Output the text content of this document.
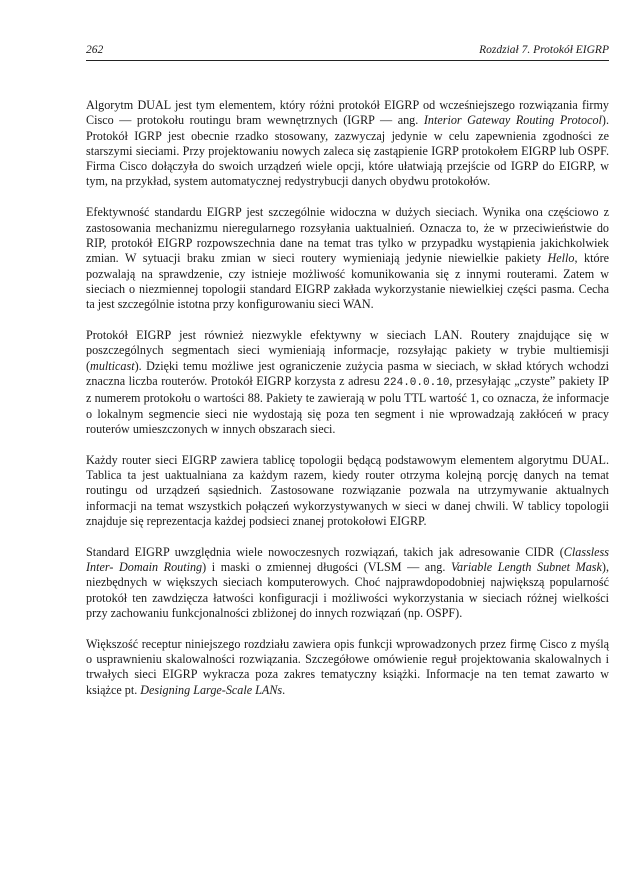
262	Rozdział 7. Protokół EIGRP

Algorytm DUAL jest tym elementem, który różni protokół EIGRP od wcześniejszego rozwiązania firmy Cisco — protokołu routingu bram wewnętrznych (IGRP — ang. Interior Gateway Routing Protocol). Protokół IGRP jest obecnie rzadko stosowany, zazwyczaj jedynie w celu zapewnienia zgodności ze starszymi sieciami. Przy projektowaniu nowych zaleca się zastąpienie IGRP protokołem EIGRP lub OSPF. Firma Cisco dołączyła do swoich urządzeń wiele opcji, które ułatwiają przejście od IGRP do EIGRP, w tym, na przykład, system automatycznej redystrybucji danych obydwu protokołów.

Efektywność standardu EIGRP jest szczególnie widoczna w dużych sieciach. Wynika ona częściowo z zastosowania mechanizmu nieregularnego rozsyłania uaktualnień. Oznacza to, że w przeciwieństwie do RIP, protokół EIGRP rozpowszechnia dane na temat tras tylko w przypadku wystąpienia jakichkolwiek zmian. W sytuacji braku zmian w sieci routery wymieniają jedynie niewielkie pakiety Hello, które pozwalają na sprawdzenie, czy istnieje możliwość komunikowania się z innymi routerami. Zatem w sieciach o niezmiennej topologii standard EIGRP zakłada wykorzystanie niewielkiej części pasma. Cecha ta jest szczególnie istotna przy konfigurowaniu sieci WAN.

Protokół EIGRP jest również niezwykle efektywny w sieciach LAN. Routery znajdujące się w poszczególnych segmentach sieci wymieniają informacje, rozsyłając pakiety w trybie multiemisji (multicast). Dzięki temu możliwe jest ograniczenie zużycia pasma w sieciach, w skład których wchodzi znaczna liczba routerów. Protokół EIGRP korzysta z adresu 224.0.0.10, przesyłając „czyste” pakiety IP z numerem protokołu o wartości 88. Pakiety te zawierają w polu TTL wartość 1, co oznacza, że informacje o lokalnym segmencie sieci nie wydostają się poza ten segment i nie wprowadzają zakłóceń w pracy routerów umieszczonych w innych obszarach sieci.

Każdy router sieci EIGRP zawiera tablicę topologii będącą podstawowym elementem algorytmu DUAL. Tablica ta jest uaktualniana za każdym razem, kiedy router otrzyma kolejną porcję danych na temat routingu od urządzeń sąsiednich. Zastosowane rozwiązanie pozwala na utrzymywanie aktualnych informacji na temat wszystkich połączeń wykorzystywanych w sieci w danej chwili. W tablicy topologii znajduje się reprezentacja każdej podsieci znanej protokołowi EIGRP.

Standard EIGRP uwzględnia wiele nowoczesnych rozwiązań, takich jak adresowanie CIDR (Classless Inter- Domain Routing) i maski o zmiennej długości (VLSM — ang. Variable Length Subnet Mask), niezbędnych w większych sieciach komputerowych. Choć najprawdopodobniej największą popularność protokół ten zawdzięcza łatwości konfiguracji i możliwości wykorzystania w sieciach różnej wielkości przy zachowaniu funkcjonalności zbliżonej do innych rozwiązań (np. OSPF).

Większość receptur niniejszego rozdziału zawiera opis funkcji wprowadzonych przez firmę Cisco z myślą o usprawnieniu skalowalności rozwiązania. Szczegółowe omówienie reguł projektowania skalowalnych i trwałych sieci EIGRP wykracza poza zakres tematyczny książki. Informacje na ten temat zawarto w książce pt. Designing Large-Scale LANs.
